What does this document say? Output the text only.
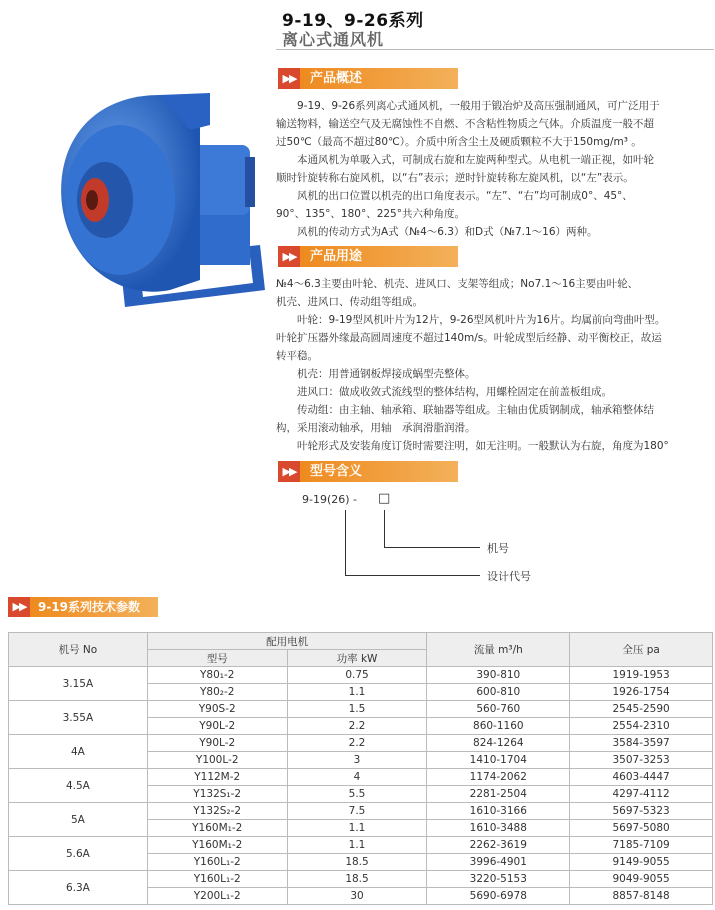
9-19、9-26系列
离心式通风机
▶▶	产品概述
　　9-19、9-26系列离心式通风机，一般用于锻冶炉及高压强制通风，可广泛用于
输送物料，输送空气及无腐蚀性不自燃、不含粘性物质之气体。介质温度一般不超
过50℃（最高不超过80℃）。介质中所含尘土及硬质颗粒不大于150mg/m³ 。
　　本通风机为单吸入式，可制成右旋和左旋两种型式。从电机一端正视，如叶轮
顺时针旋转称右旋风机，以“右”表示；逆时针旋转称左旋风机，以“左”表示。
　　风机的出口位置以机壳的出口角度表示。“左”、“右”均可制成0°、45°、
90°、135°、180°、225°共六种角度。
　　风机的传动方式为A式（№4～6.3）和D式（№7.1～16）两种。
▶▶	产品用途
№4～6.3主要由叶轮、机壳、进风口、支架等组成；No7.1～16主要由叶轮、
机壳、进风口、传动组等组成。
　　叶轮：9-19型风机叶片为12片，9-26型风机叶片为16片。均属前向弯曲叶型。
叶轮扩压器外缘最高圆周速度不超过140m/s。叶轮成型后经静、动平衡校正，故运
转平稳。
　　机壳：用普通钢板焊接成蜗型壳整体。
　　进风口：做成收敛式流线型的整体结构，用螺栓固定在前盖板组成。
　　传动组：由主轴、轴承箱、联轴器等组成。主轴由优质钢制成，轴承箱整体结
构，采用滚动轴承，用轴　承润滑脂润滑。
　　叶轮形式及安装角度订货时需要注明，如无注明。一般默认为右旋，角度为180°
▶▶	型号含义
9-19(26) - □
机号
设计代号
▶▶	9-19系列技术参数
机号 No	配用电机		流量 m³/h	全压 pa
	型号	功率 kW		
3.15A	Y80₁-2	0.75	390-810	1919-1953
	Y80₂-2	1.1	600-810	1926-1754
3.55A	Y90S-2	1.5	560-760	2545-2590
	Y90L-2	2.2	860-1160	2554-2310
4A	Y90L-2	2.2	824-1264	3584-3597
	Y100L-2	3	1410-1704	3507-3253
4.5A	Y112M-2	4	1174-2062	4603-4447
	Y132S₁-2	5.5	2281-2504	4297-4112
5A	Y132S₂-2	7.5	1610-3166	5697-5323
	Y160M₁-2	1.1	1610-3488	5697-5080
5.6A	Y160M₁-2	1.1	2262-3619	7185-7109
	Y160L₁-2	18.5	3996-4901	9149-9055
6.3A	Y160L₁-2	18.5	3220-5153	9049-9055
	Y200L₁-2	30	5690-6978	8857-8148
